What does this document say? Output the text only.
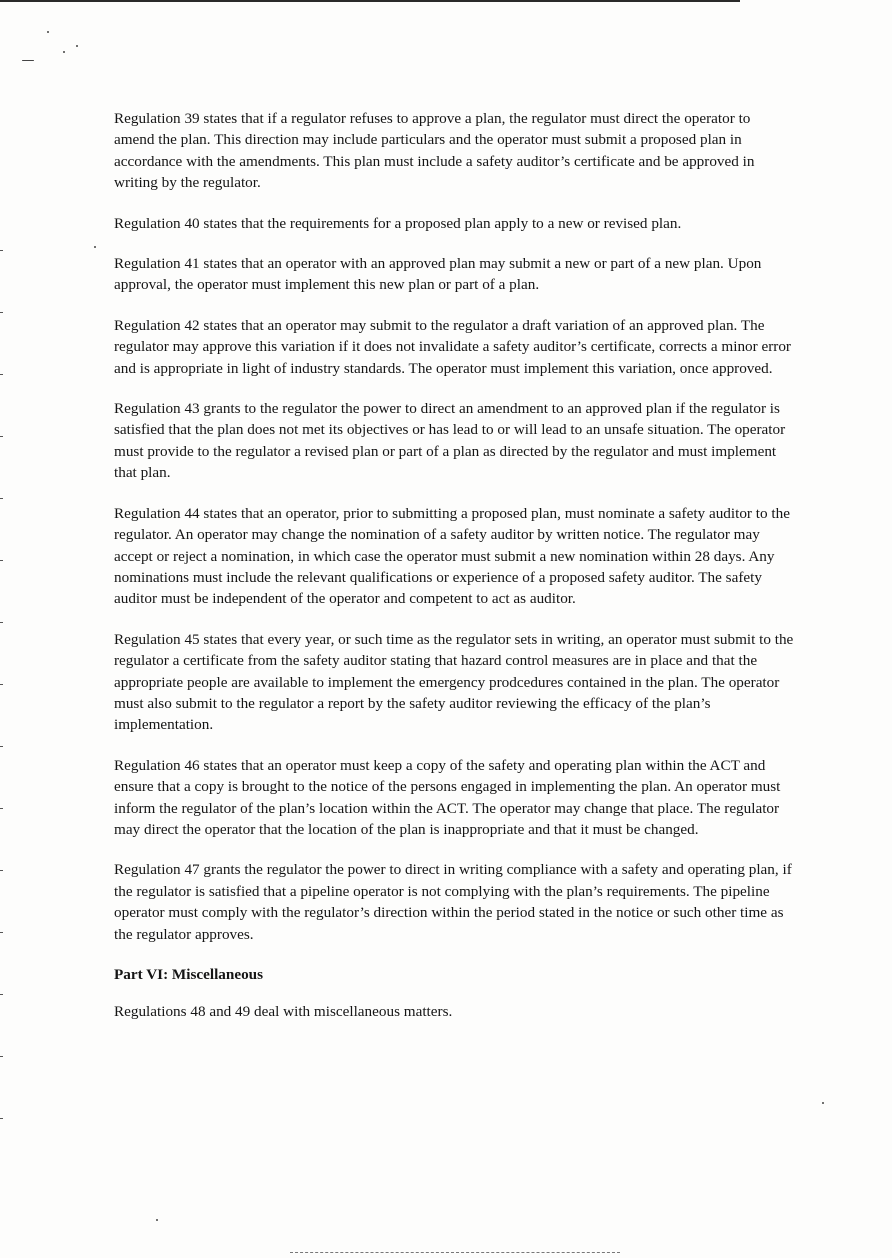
Regulation 39 states that if a regulator refuses to approve a plan, the regulator must direct the operator to amend the plan. This direction may include particulars and the operator must submit a proposed plan in accordance with the amendments. This plan must include a safety auditor’s certificate and be approved in writing by the regulator.

Regulation 40 states that the requirements for a proposed plan apply to a new or revised plan.

Regulation 41 states that an operator with an approved plan may submit a new or part of a new plan. Upon approval, the operator must implement this new plan or part of a plan.

Regulation 42 states that an operator may submit to the regulator a draft variation of an approved plan. The regulator may approve this variation if it does not invalidate a safety auditor’s certificate, corrects a minor error and is appropriate in light of industry standards. The operator must implement this variation, once approved.

Regulation 43 grants to the regulator the power to direct an amendment to an approved plan if the regulator is satisfied that the plan does not met its objectives or has lead to or will lead to an unsafe situation. The operator must provide to the regulator a revised plan or part of a plan as directed by the regulator and must implement that plan.

Regulation 44 states that an operator, prior to submitting a proposed plan, must nominate a safety auditor to the regulator. An operator may change the nomination of a safety auditor by written notice. The regulator may accept or reject a nomination, in which case the operator must submit a new nomination within 28 days. Any nominations must include the relevant qualifications or experience of a proposed safety auditor. The safety auditor must be independent of the operator and competent to act as auditor.

Regulation 45 states that every year, or such time as the regulator sets in writing, an operator must submit to the regulator a certificate from the safety auditor stating that hazard control measures are in place and that the appropriate people are available to implement the emergency prodcedures contained in the plan. The operator must also submit to the regulator a report by the safety auditor reviewing the efficacy of the plan’s implementation.

Regulation 46 states that an operator must keep a copy of the safety and operating plan within the ACT and ensure that a copy is brought to the notice of the persons engaged in implementing the plan. An operator must inform the regulator of the plan’s location within the ACT. The operator may change that place. The regulator may direct the operator that the location of the plan is inappropriate and that it must be changed.

Regulation 47 grants the regulator the power to direct in writing compliance with a safety and operating plan, if the regulator is satisfied that a pipeline operator is not complying with the plan’s requirements. The pipeline operator must comply with the regulator’s direction within the period stated in the notice or such other time as the regulator approves.

Part VI: Miscellaneous

Regulations 48 and 49 deal with miscellaneous matters.
